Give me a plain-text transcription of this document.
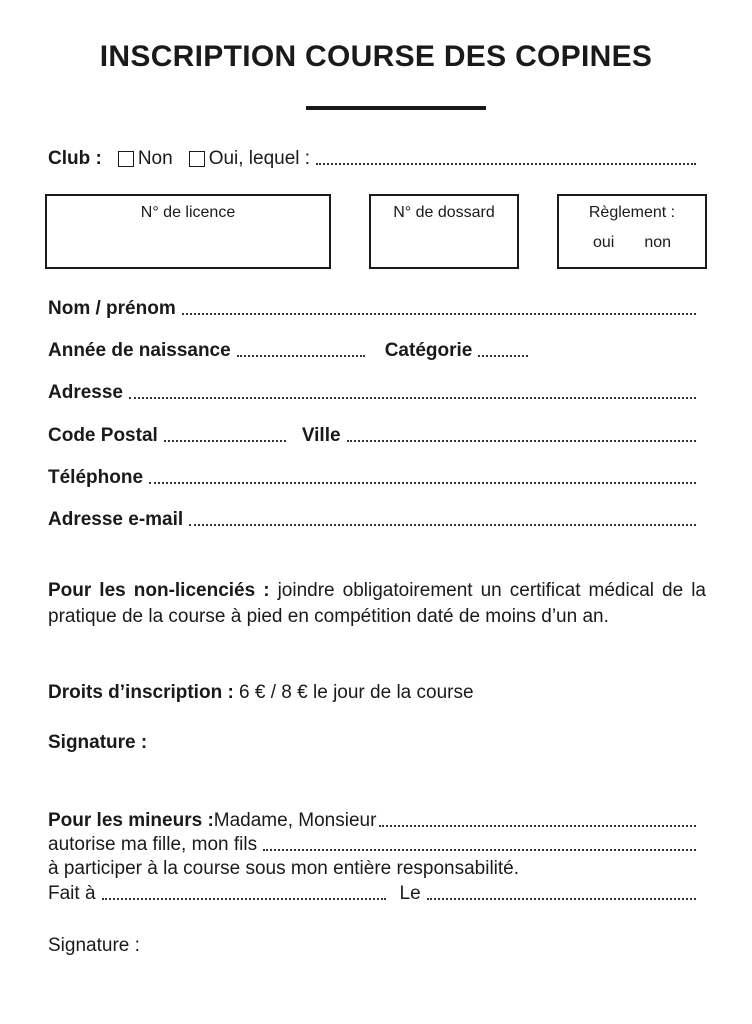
INSCRIPTION COURSE DES COPINES
Club : Non Oui, lequel :
N° de licence	N° de dossard	Règlement :
oui non
Nom / prénom
Année de naissance	Catégorie
Adresse
Code Postal	Ville
Téléphone
Adresse e-mail
Pour les non-licenciés : joindre obligatoirement un certificat médical de la pratique de la course à pied en compétition daté de moins d’un an.
Droits d’inscription : 6 € / 8 € le jour de la course
Signature :
Pour les mineurs : Madame, Monsieur
autorise ma fille, mon fils
à participer à la course sous mon entière responsabilité.
Fait à	Le
Signature :
